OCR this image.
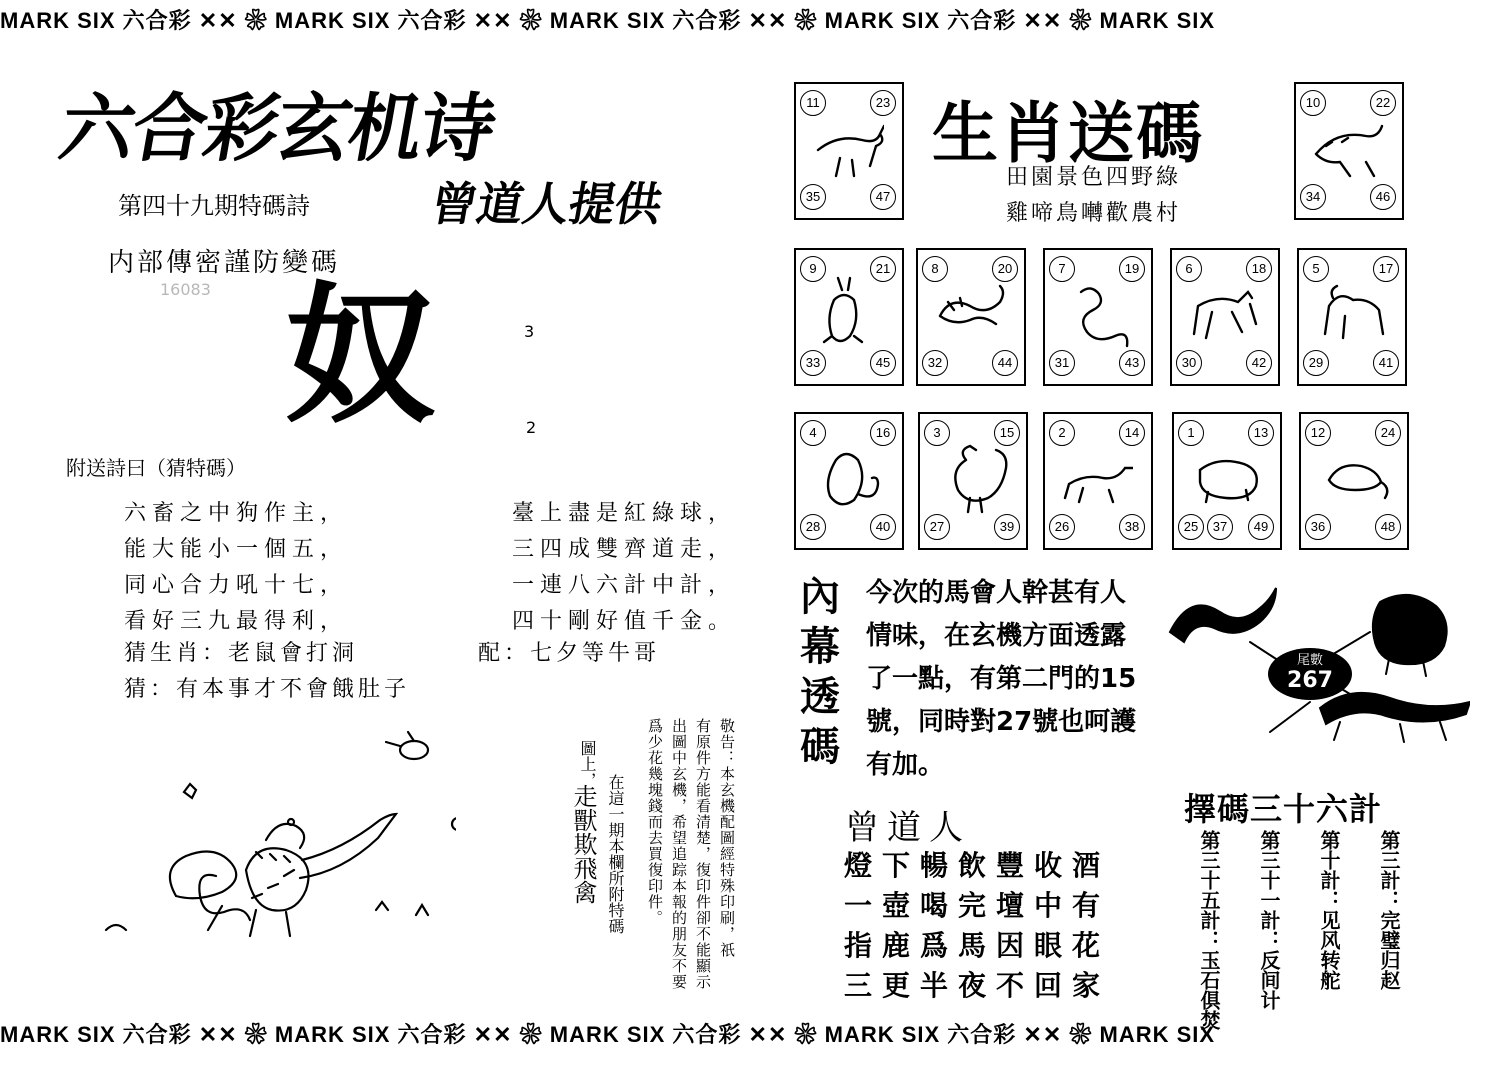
MARK SIX 六合彩 ✕✕ ❀ MARK SIX 六合彩 ✕✕ ❀ MARK SIX 六合彩 ✕✕ ❀ MARK SIX 六合彩 ✕✕ ❀ MARK SIX
MARK SIX 六合彩 ✕✕ ❀ MARK SIX 六合彩 ✕✕ ❀ MARK SIX 六合彩 ✕✕ ❀ MARK SIX 六合彩 ✕✕ ❀ MARK SIX
六合彩玄机诗
曾道人提供
第四十九期特碼詩
内部傳密謹防變碼
16083 奴	3
2
附送詩曰（猜特碼）
六畜之中狗作主，
能大能小一個五，
同心合力吼十七，
看好三九最得利，
臺上盡是紅綠球，
三四成雙齊道走，
一連八六計中計，
四十剛好值千金。
猜生肖：老鼠會打洞	配：七夕等牛哥
猜：有本事才不會餓肚子
敬告：本玄機配圖經特殊印刷，祇
有原件方能看清楚，復印件卻不能顯示
出圖中玄機，希望追踪本報的朋友不要
爲少花幾塊錢而去買復印件。
在這一期本欄所附特碼
圖上，
走獸欺飛禽
生肖送碼
田園景色四野綠
雞啼鳥囀歡農村
11	23
35	47
10	22
34	46
9	21
33	45
8	20
32	44
7	19
31	43
6	18
30	42
5	17
29	41
4	16
28	40
3	15
27	39
2	14
26	38
1	13
25	37	49
12	24
36	48
內幕透碼
今次的馬會人幹甚有人情味，在玄機方面透露了一點，有第二門的15號，同時對27號也呵護有加。
尾數
267
曾道人
燈下暢飲豐收酒
一壺喝完壇中有
指鹿爲馬因眼花
三更半夜不回家
擇碼三十六計
第三計：完璧归赵
第十計：见风转舵
第三十一計：反间计
第三十五計：玉石俱焚
